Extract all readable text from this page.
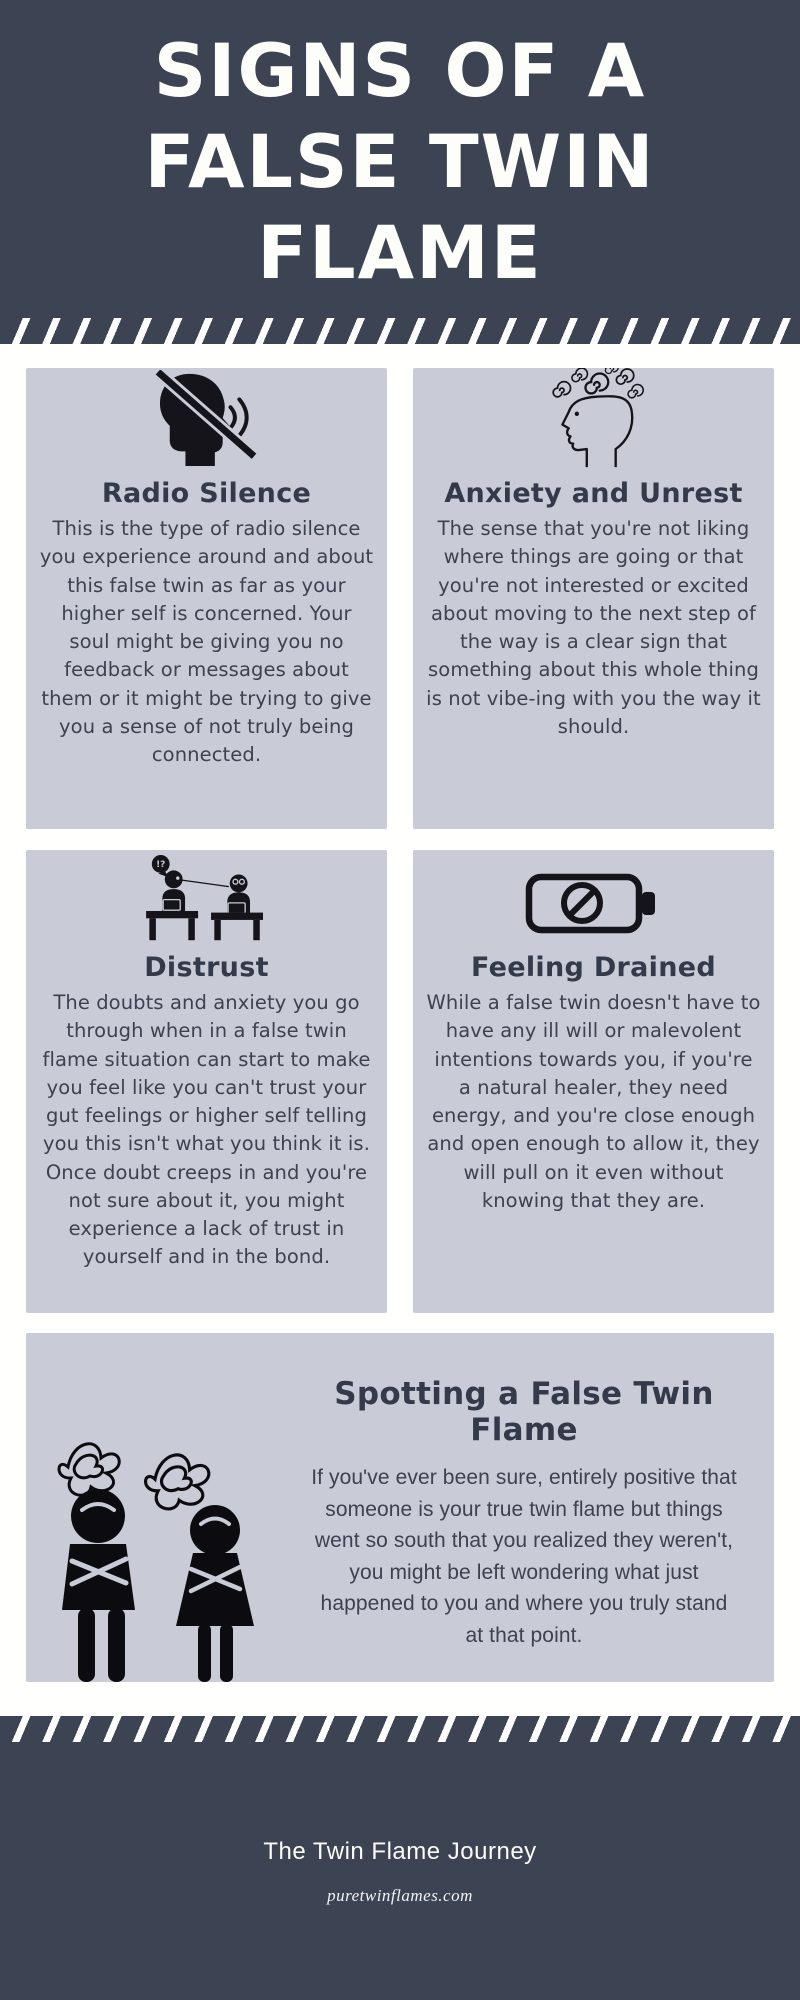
SIGNS OF A
FALSE TWIN
FLAME
Radio Silence

This is the type of radio silence you experience around and about this false twin as far as your higher self is concerned. Your soul might be giving you no feedback or messages about them or it might be trying to give you a sense of not truly being connected.

Anxiety and Unrest

The sense that you're not liking where things are going or that you're not interested or excited about moving to the next step of the way is a clear sign that something about this whole thing is not vibe-ing with you the way it should.

!?
Distrust

The doubts and anxiety you go through when in a false twin flame situation can start to make you feel like you can't trust your gut feelings or higher self telling you this isn't what you think it is. Once doubt creeps in and you're not sure about it, you might experience a lack of trust in yourself and in the bond.

Feeling Drained

While a false twin doesn't have to have any ill will or malevolent intentions towards you, if you're a natural healer, they need energy, and you're close enough and open enough to allow it, they will pull on it even without knowing that they are.

Spotting a False Twin Flame

If you've ever been sure, entirely positive that someone is your true twin flame but things went so south that you realized they weren't, you might be left wondering what just happened to you and where you truly stand at that point.

The Twin Flame Journey
puretwinflames.com
